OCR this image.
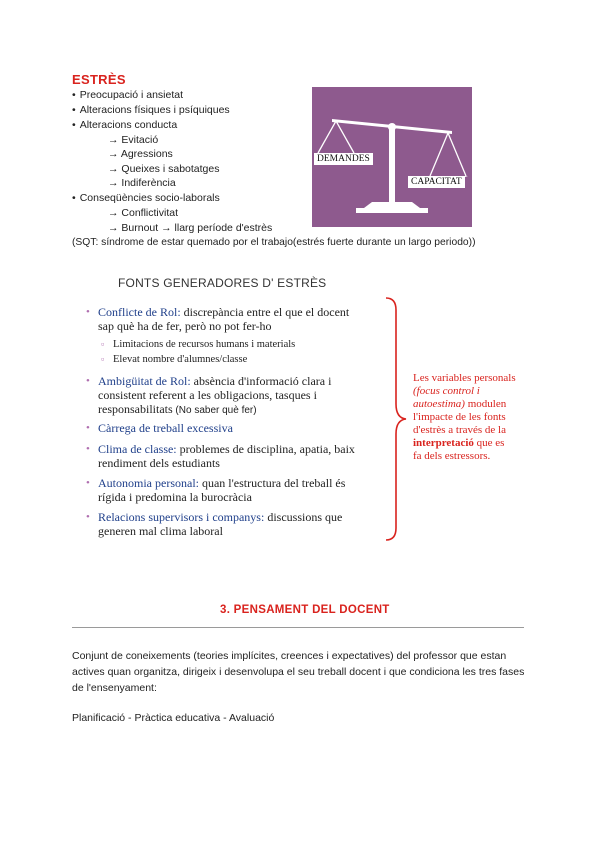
ESTRÈS
• Preocupació i ansietat
• Alteracions físiques i psíquiques
• Alteracions conducta
→ Evitació
→ Agressions
→ Queixes i sabotatges
→ Indiferència
• Conseqüències socio-laborals
→ Conflictivitat
→ Burnout → llarg període d'estrès
(SQT: síndrome de estar quemado por el trabajo(estrés fuerte durante un largo periodo))
DEMANDES
CAPACITAT
FONTS GENERADORES D' ESTRÈS
• Conflicte de Rol: discrepància entre el que el docent
sap què ha de fer, però no pot fer-ho
▫ Limitacions de recursos humans i materials
▫ Elevat nombre d'alumnes/classe
• Ambigüitat de Rol: absència d'informació clara i
consistent referent a les obligacions, tasques i
responsabilitats (No saber què fer)
• Càrrega de treball excessiva
• Clima de classe: problemes de disciplina, apatia, baix
rendiment dels estudiants
• Autonomia personal: quan l'estructura del treball és
rígida i predomina la burocràcia
• Relacions supervisors i companys: discussions que
generen mal clima laboral
Les variables personals
(focus control i
autoestima) modulen
l'impacte de les fonts
d'estrès a través de la
interpretació que es
fa dels estressors.
3. PENSAMENT DEL DOCENT
Conjunt de coneixements (teories implícites, creences i expectatives) del professor que estan actives quan organitza, dirigeix i desenvolupa el seu treball docent i que condiciona les tres fases de l'ensenyament:
Planificació - Pràctica educativa - Avaluació
